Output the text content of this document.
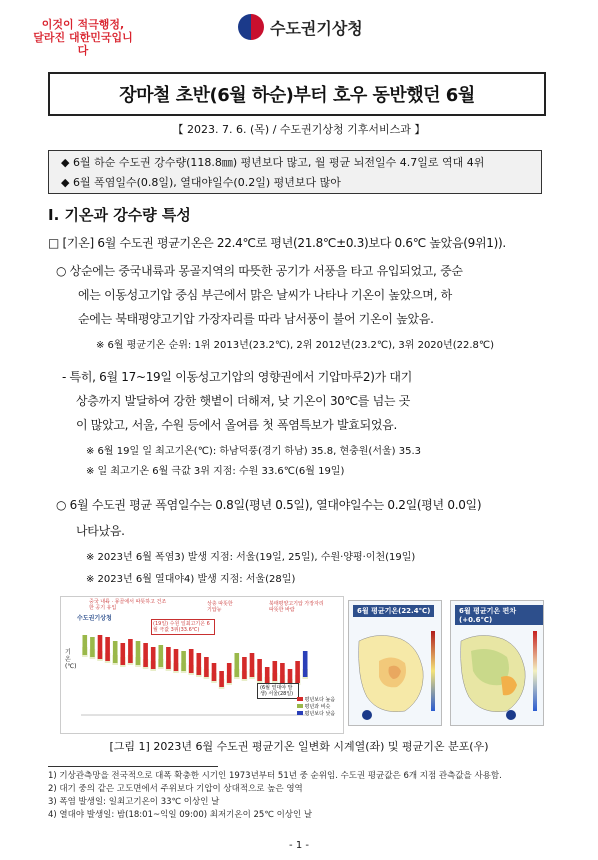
이것이 적극행정,
달라진 대한민국입니다
수도권기상청
장마철 초반(6월 하순)부터 호우 동반했던 6월
【 2023. 7. 6. (목) / 수도권기상청 기후서비스과 】
◆ 6월 하순 수도권 강수량(118.8㎜) 평년보다 많고, 월 평균 뇌전일수 4.7일로 역대 4위
◆ 6월 폭염일수(0.8일), 열대야일수(0.2일) 평년보다 많아
Ⅰ. 기온과 강수량 특성
□ [기온] 6월 수도권 평균기온은 22.4℃로 평년(21.8℃±0.3)보다 0.6℃ 높았음(9위1)).
○ 상순에는 중국내륙과 몽골지역의 따뜻한 공기가 서풍을 타고 유입되었고, 중순
에는 이동성고기압 중심 부근에서 맑은 날씨가 나타나 기온이 높았으며, 하
순에는 북태평양고기압 가장자리를 따라 남서풍이 불어 기온이 높았음.
※ 6월 평균기온 순위: 1위 2013년(23.2℃), 2위 2012년(23.2℃), 3위 2020년(22.8℃)
- 특히, 6월 17~19일 이동성고기압의 영향권에서 기압마루2)가 대기
상층까지 발달하여 강한 햇볕이 더해져, 낮 기온이 30℃를 넘는 곳
이 많았고, 서울, 수원 등에서 올여름 첫 폭염특보가 발효되었음.
※ 6월 19일 일 최고기온(℃): 하남덕풍(경기 하남) 35.8, 현충원(서울) 35.3
※ 일 최고기온 6월 극값 3위 지점: 수원 33.6℃(6월 19일)
○ 6월 수도권 평균 폭염일수는 0.8일(평년 0.5일), 열대야일수는 0.2일(평년 0.0일)
나타났음.
※ 2023년 6월 폭염3) 발생 지점: 서울(19일, 25일), 수원·양평·이천(19일)
※ 2023년 6월 열대야4) 발생 지점: 서울(28일)
수도권기상청
중국 내륙 · 몽골에서 따뜻하고 건조한 공기 유입
상층 따뜻한 기압능
북태평양고기압 가장자리 따뜻한 바람
(19일) 수원 일최고기온 6월 극값 3위(33.6℃)
기온 (℃)
(6월 열대야 발생) 서울(28일)
평년보다 높음
평년과 비슷
평년보다 낮음
6월 평균기온(22.4℃)	6월 평균기온 편차(+0.6℃)
[그림 1] 2023년 6월 수도권 평균기온 일변화 시계열(좌) 및 평균기온 분포(우)
1) 기상관측망을 전국적으로 대폭 확충한 시기인 1973년부터 51년 중 순위임. 수도권 평균값은 6개 지점 관측값을 사용함.
2) 대기 중의 같은 고도면에서 주위보다 기압이 상대적으로 높은 영역
3) 폭염 발생일: 일최고기온이 33℃ 이상인 날
4) 열대야 발생일: 밤(18:01~익일 09:00) 최저기온이 25℃ 이상인 날
- 1 -
